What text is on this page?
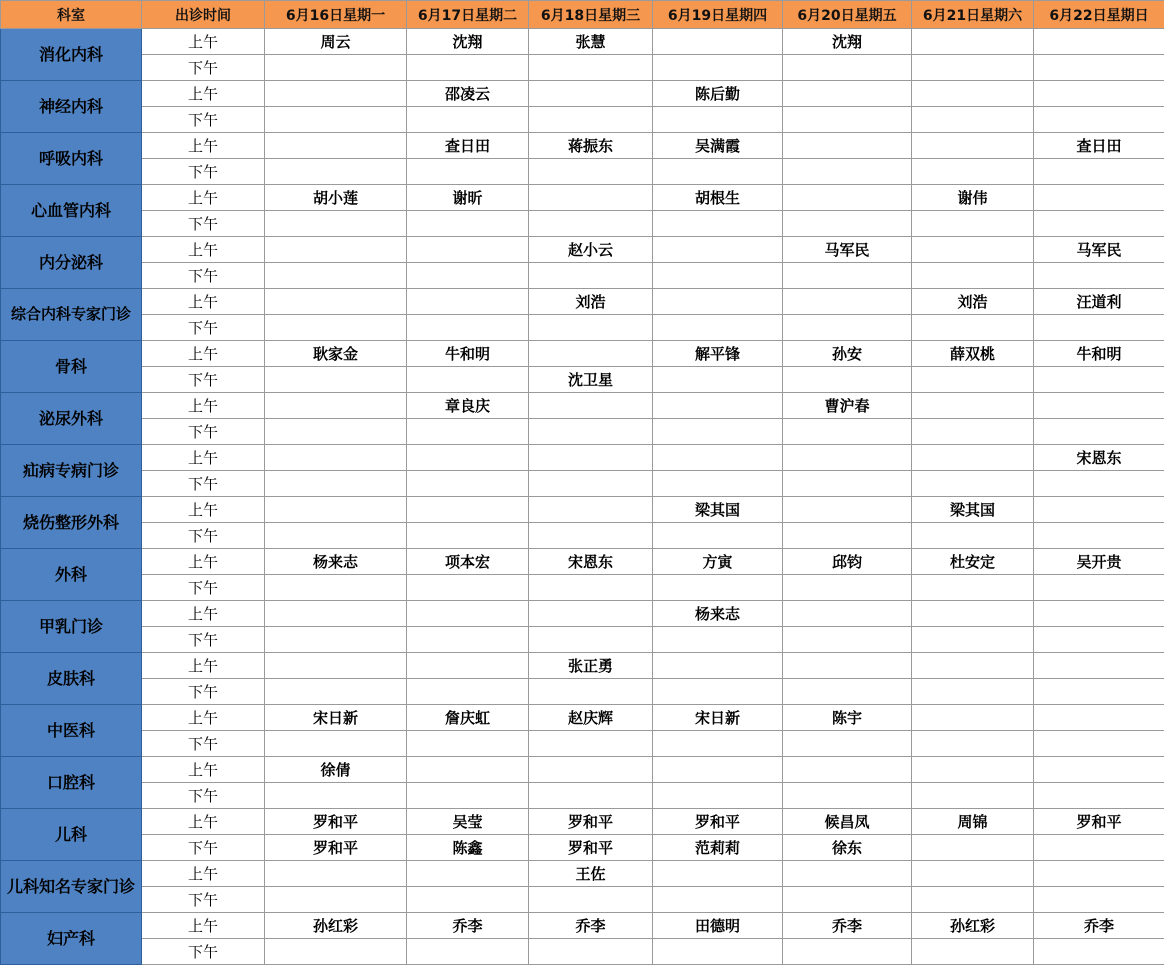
科室	出诊时间	6月16日星期一	6月17日星期二	6月18日星期三	6月19日星期四	6月20日星期五	6月21日星期六	6月22日星期日
消化内科	上午	周云	沈翔	张慧		沈翔		
	下午							
神经内科	上午		邵凌云		陈后勤			
	下午							
呼吸内科	上午		查日田	蒋振东	吴满霞			查日田
	下午							
心血管内科	上午	胡小莲	谢昕		胡根生		谢伟	
	下午							
内分泌科	上午			赵小云		马军民		马军民
	下午							
综合内科专家门诊	上午			刘浩			刘浩	汪道利
	下午							
骨科	上午	耿家金	牛和明		解平锋	孙安	薛双桃	牛和明
	下午			沈卫星				
泌尿外科	上午		章良庆			曹沪春		
	下午							
疝病专病门诊	上午							宋恩东
	下午							
烧伤整形外科	上午				梁其国		梁其国	
	下午							
外科	上午	杨来志	项本宏	宋恩东	方寅	邱钧	杜安定	吴开贵
	下午							
甲乳门诊	上午				杨来志			
	下午							
皮肤科	上午			张正勇				
	下午							
中医科	上午	宋日新	詹庆虹	赵庆辉	宋日新	陈宇		
	下午							
口腔科	上午	徐倩						
	下午							
儿科	上午	罗和平	吴莹	罗和平	罗和平	候昌凤	周锦	罗和平
	下午	罗和平	陈鑫	罗和平	范莉莉	徐东		
儿科知名专家门诊	上午			王佐				
	下午							
妇产科	上午	孙红彩	乔李	乔李	田德明	乔李	孙红彩	乔李
	下午							
